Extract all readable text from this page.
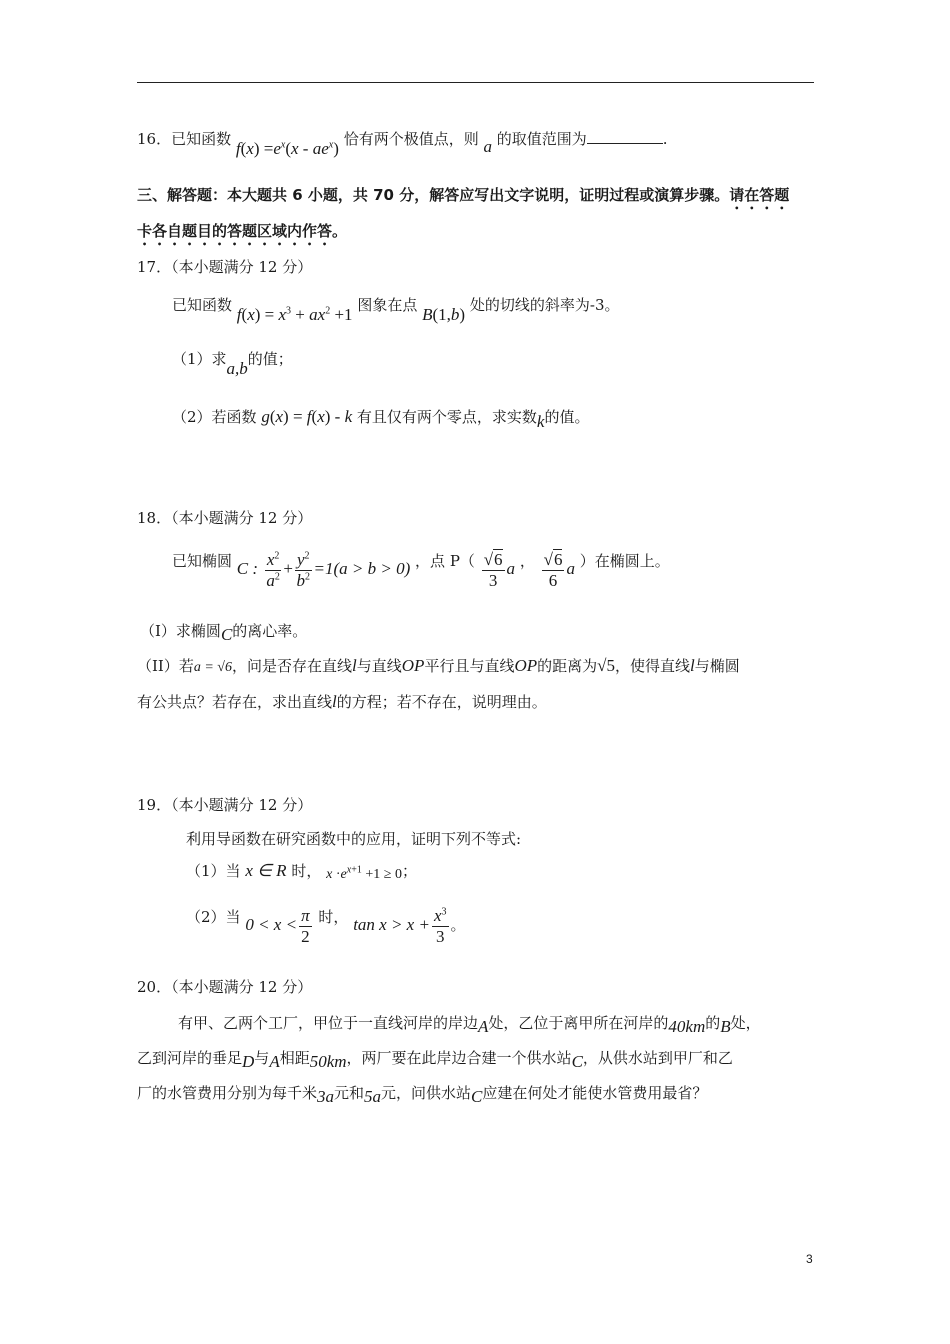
16．已知函数 $f(x) =e^x(x - ae^x)$ 恰有两个极值点，则 a 的取值范围为	.
三、解答题：本大题共 6 小题，共 70 分，解答应写出文字说明，证明过程或演算步骤。请在答题
卡各自题目的答题区域内作答。
17．（本小题满分 12 分）
已知函数 $f(x) = x^3 + ax^2 +1$ 图象在点 B(1,b) 处的切线的斜率为-3。
（1）求a,b的值；
（2）若函数 g(x) = f(x) - k 有且仅有两个零点，求实数k的值。
18．（本小题满分 12 分）
已知椭圆 C : $\frac{x^2}{a^2} + \frac{y^2}{b^2} =1(a > b > 0)$ ，点 $P( \frac{√6}{3}$ a ， $\frac{√6}{6}$ a ）在椭圆上。
（I）求椭圆C的离心率。
（II）若a = √6，问是否存在直线l与直线OP平行且与直线OP的距离为√5，使得直线l与椭圆
有公共点？若存在，求出直线l的方程；若不存在，说明理由。
19．（本小题满分 12 分）
利用导函数在研究函数中的应用，证明下列不等式:
（1）当 x ∈ R 时， $x \cdot e^{x+1} +1 \ge 0$；
（2）当 $0 < x < \frac{\pi}{2}$ 时， $\tan x > x + \frac{x^3}{3}$ 。
20．（本小题满分 12 分）
有甲、乙两个工厂，甲位于一直线河岸的岸边A处，乙位于离甲所在河岸的40km的B处，
乙到河岸的垂足D与A相距50km，两厂要在此岸边合建一个供水站C，从供水站到甲厂和乙
厂的水管费用分别为每千米3a元和5a元，问供水站C应建在何处才能使水管费用最省？
3
